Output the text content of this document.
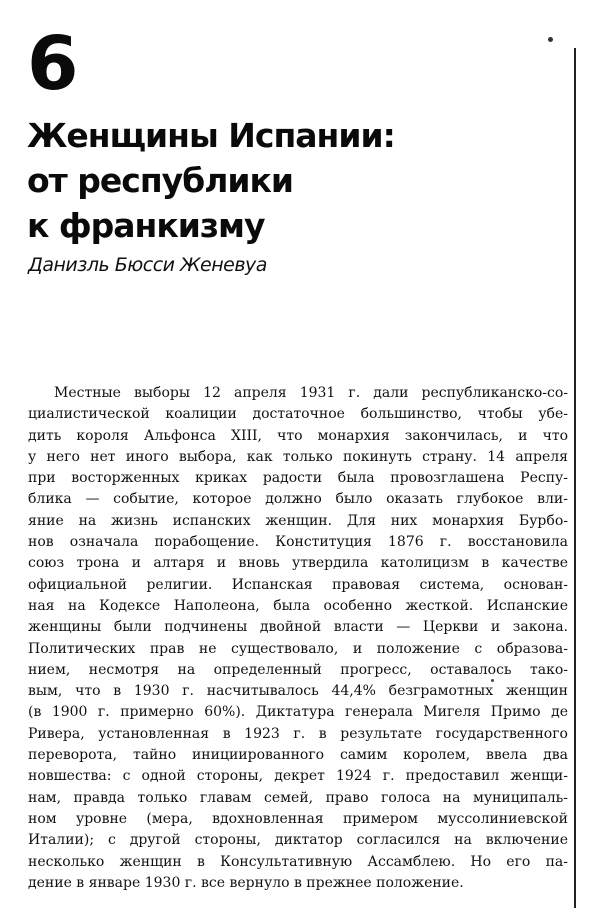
6
Женщины Испании:
от республики
к франкизму
Данизль Бюсси Женевуа
Местные выборы 12 апреля 1931 г. дали республиканско-со-
циалистической коалиции достаточное большинство, чтобы убе-
дить короля Альфонса XIII, что монархия закончилась, и что
у него нет иного выбора, как только покинуть страну. 14 апреля
при восторженных криках радости была провозглашена Респу-
блика — событие, которое должно было оказать глубокое вли-
яние на жизнь испанских женщин. Для них монархия Бурбо-
нов означала порабощение. Конституция 1876 г. восстановила
союз трона и алтаря и вновь утвердила католицизм в качестве
официальной религии. Испанская правовая система, основан-
ная на Кодексе Наполеона, была особенно жесткой. Испанские
женщины были подчинены двойной власти — Церкви и закона.
Политических прав не существовало, и положение с образова-
нием, несмотря на определенный прогресс, оставалось тако-
вым, что в 1930 г. насчитывалось 44,4% безграмотных женщин
(в 1900 г. примерно 60%). Диктатура генерала Мигеля Примо де
Ривера, установленная в 1923 г. в результате государственного
переворота, тайно инициированного самим королем, ввела два
новшества: с одной стороны, декрет 1924 г. предоставил женщи-
нам, правда только главам семей, право голоса на муниципаль-
ном уровне (мера, вдохновленная примером муссолиниевской
Италии); с другой стороны, диктатор согласился на включение
несколько женщин в Консультативную Ассамблею. Но его па-
дение в январе 1930 г. все вернуло в прежнее положение.
